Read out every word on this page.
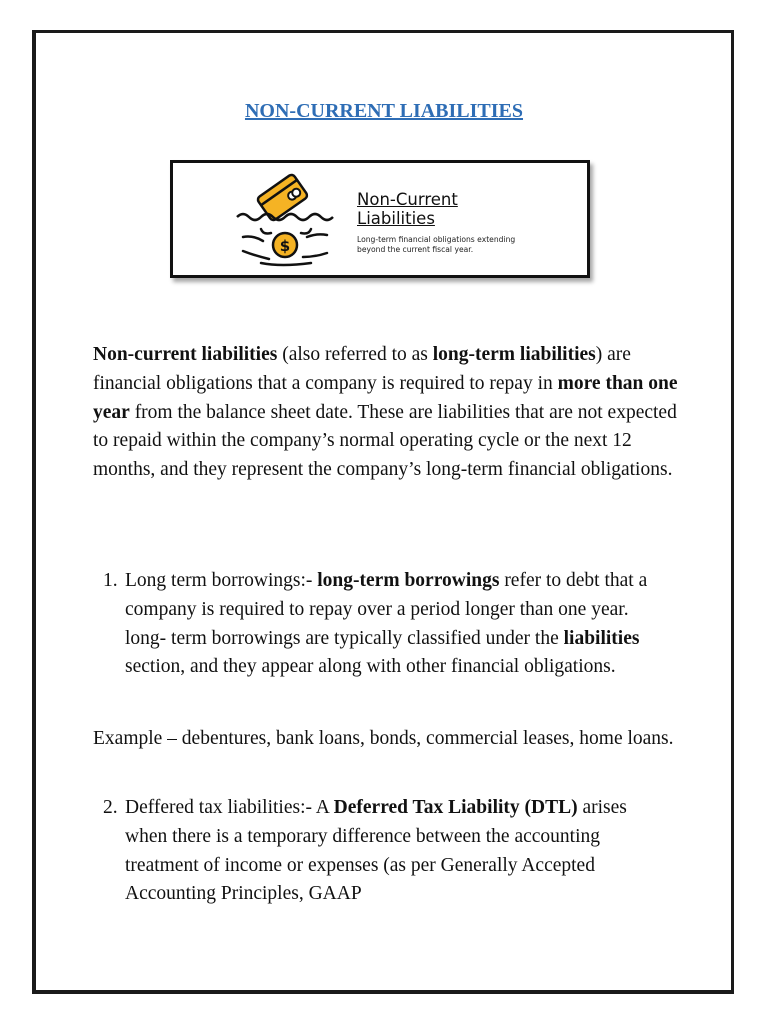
NON-CURRENT LIABILITIES
$
Non-Current
Liabilities
Long-term financial obligations extending
beyond the current fiscal year.
Non-current liabilities (also referred to as long-term liabilities) are financial obligations that a company is required to repay in more than one year from the balance sheet date. These are liabilities that are not expected to repaid within the company’s normal operating cycle or the next 12 months, and they represent the company’s long-term financial obligations.
1. Long term borrowings:- long-term borrowings refer to debt that a company is required to repay over a period longer than one year. long- term borrowings are typically classified under the liabilities section, and they appear along with other financial obligations.
Example – debentures, bank loans, bonds, commercial leases, home loans.
2. Deffered tax liabilities:- A Deferred Tax Liability (DTL) arises when there is a temporary difference between the accounting treatment of income or expenses (as per Generally Accepted Accounting Principles, GAAP
